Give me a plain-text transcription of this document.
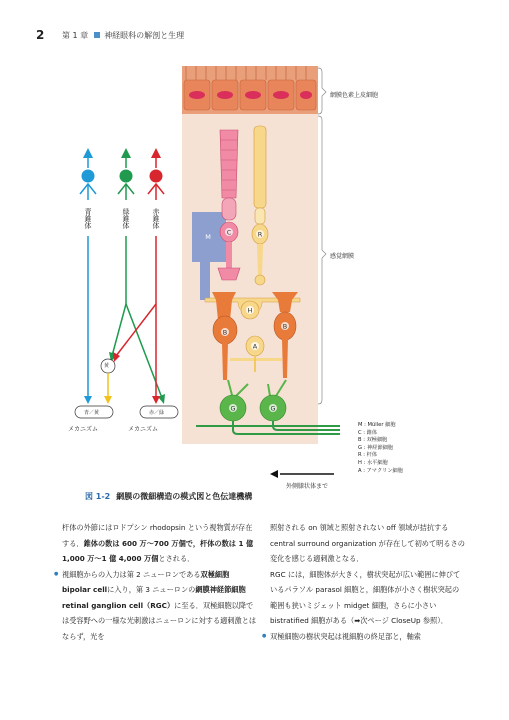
2 第 1 章 神経眼科の解剖と生理
M
C	R
H
B
B
A
G	G
網膜色素上皮細胞
感覚網膜
青錐体	緑錐体	赤錐体
黄
青／黄	赤／緑
メカニズム	メカニズム
外側膝状体まで
M : Müller 細胞
C : 錐体
B : 双極細胞
G : 神経節細胞
R : 杆体
H : 水平細胞
A : アマクリン細胞
図 1-2 網膜の微細構造の模式図と色伝達機構

杆体の外節にはロドプシン rhodopsin という視物質が存在する．錐体の数は 600 万～700 万個で，杆体の数は 1 億 1,000 万～1 億 4,000 万個とされる．

● 視細胞からの入力は第 2 ニューロンである双極細胞 bipolar cellに入り，第 3 ニューロンの網膜神経節細胞 retinal ganglion cell（RGC）に至る．双極細胞以降では受容野への一様な光刺激はニューロンに対する適刺激とはならず，光を

照射される on 領域と照射されない off 領域が拮抗する central surround organization が存在して初めて明るさの変化を感じる適刺激となる．

RGC には，細胞体が大きく，樹状突起が広い範囲に伸びているパラソル parasol 細胞と，細胞体が小さく樹状突起の範囲も狭いミジェット midget 細胞，さらに小さい bistratified 細胞がある（➡次ページ CloseUp 参照）．

● 双極細胞の樹状突起は視細胞の終足部と，軸索
